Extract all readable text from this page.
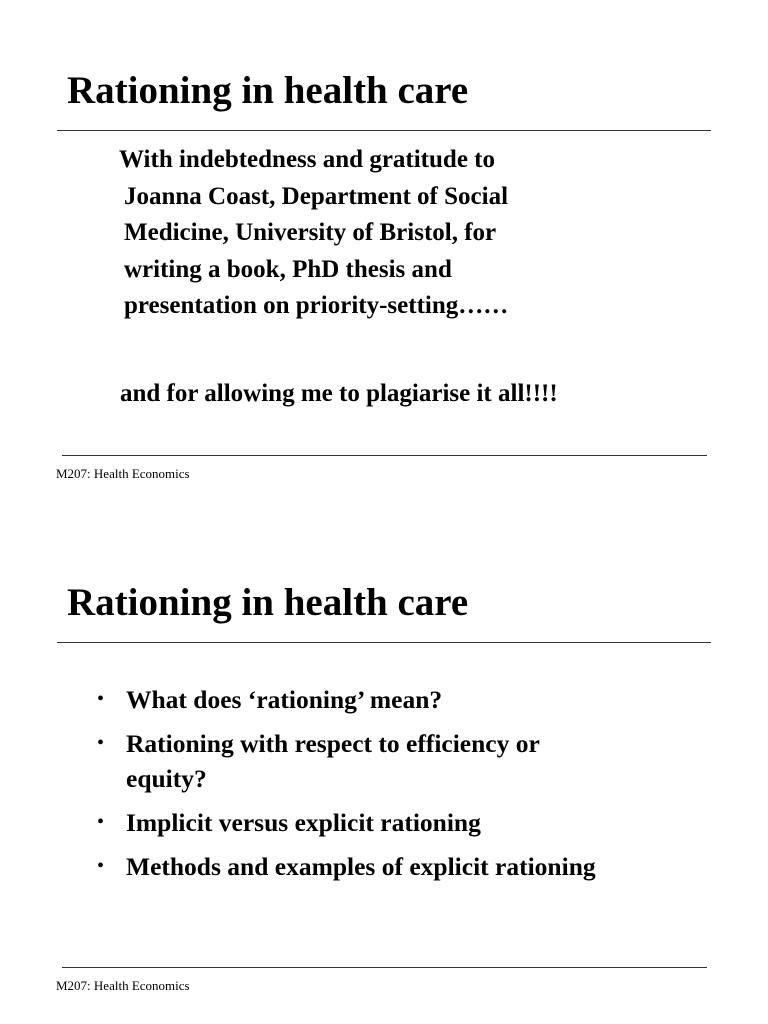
Rationing in health care

With indebtedness and gratitude to
Joanna Coast, Department of Social
Medicine, University of Bristol, for
writing a book, PhD thesis and
presentation on priority-setting……

and for allowing me to plagiarise it all!!!!

M207: Health Economics
Rationing in health care
• What does ‘rationing’ mean?
• Rationing with respect to efficiency or
equity?
• Implicit versus explicit rationing
• Methods and examples of explicit rationing
M207: Health Economics
